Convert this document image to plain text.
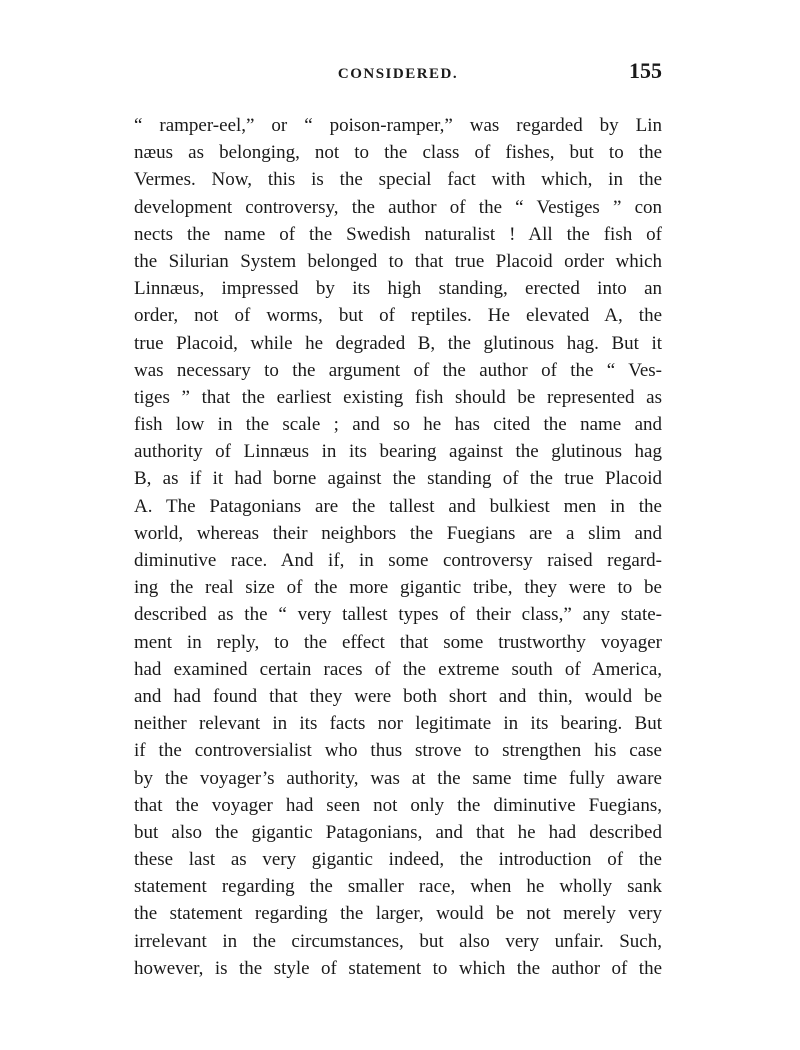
CONSIDERED.	155
“ ramper-eel,” or “ poison-ramper,” was regarded by Lin
næus as belonging, not to the class of fishes, but to the
Vermes. Now, this is the special fact with which, in the
development controversy, the author of the “ Vestiges ” con
nects the name of the Swedish naturalist ! All the fish of
the Silurian System belonged to that true Placoid order which
Linnæus, impressed by its high standing, erected into an
order, not of worms, but of reptiles. He elevated A, the
true Placoid, while he degraded B, the glutinous hag. But it
was necessary to the argument of the author of the “ Ves-
tiges ” that the earliest existing fish should be represented as
fish low in the scale ; and so he has cited the name and
authority of Linnæus in its bearing against the glutinous hag
B, as if it had borne against the standing of the true Placoid
A. The Patagonians are the tallest and bulkiest men in the
world, whereas their neighbors the Fuegians are a slim and
diminutive race. And if, in some controversy raised regard-
ing the real size of the more gigantic tribe, they were to be
described as the “ very tallest types of their class,” any state-
ment in reply, to the effect that some trustworthy voyager
had examined certain races of the extreme south of America,
and had found that they were both short and thin, would be
neither relevant in its facts nor legitimate in its bearing. But
if the controversialist who thus strove to strengthen his case
by the voyager’s authority, was at the same time fully aware
that the voyager had seen not only the diminutive Fuegians,
but also the gigantic Patagonians, and that he had described
these last as very gigantic indeed, the introduction of the
statement regarding the smaller race, when he wholly sank
the statement regarding the larger, would be not merely very
irrelevant in the circumstances, but also very unfair. Such,
however, is the style of statement to which the author of the
